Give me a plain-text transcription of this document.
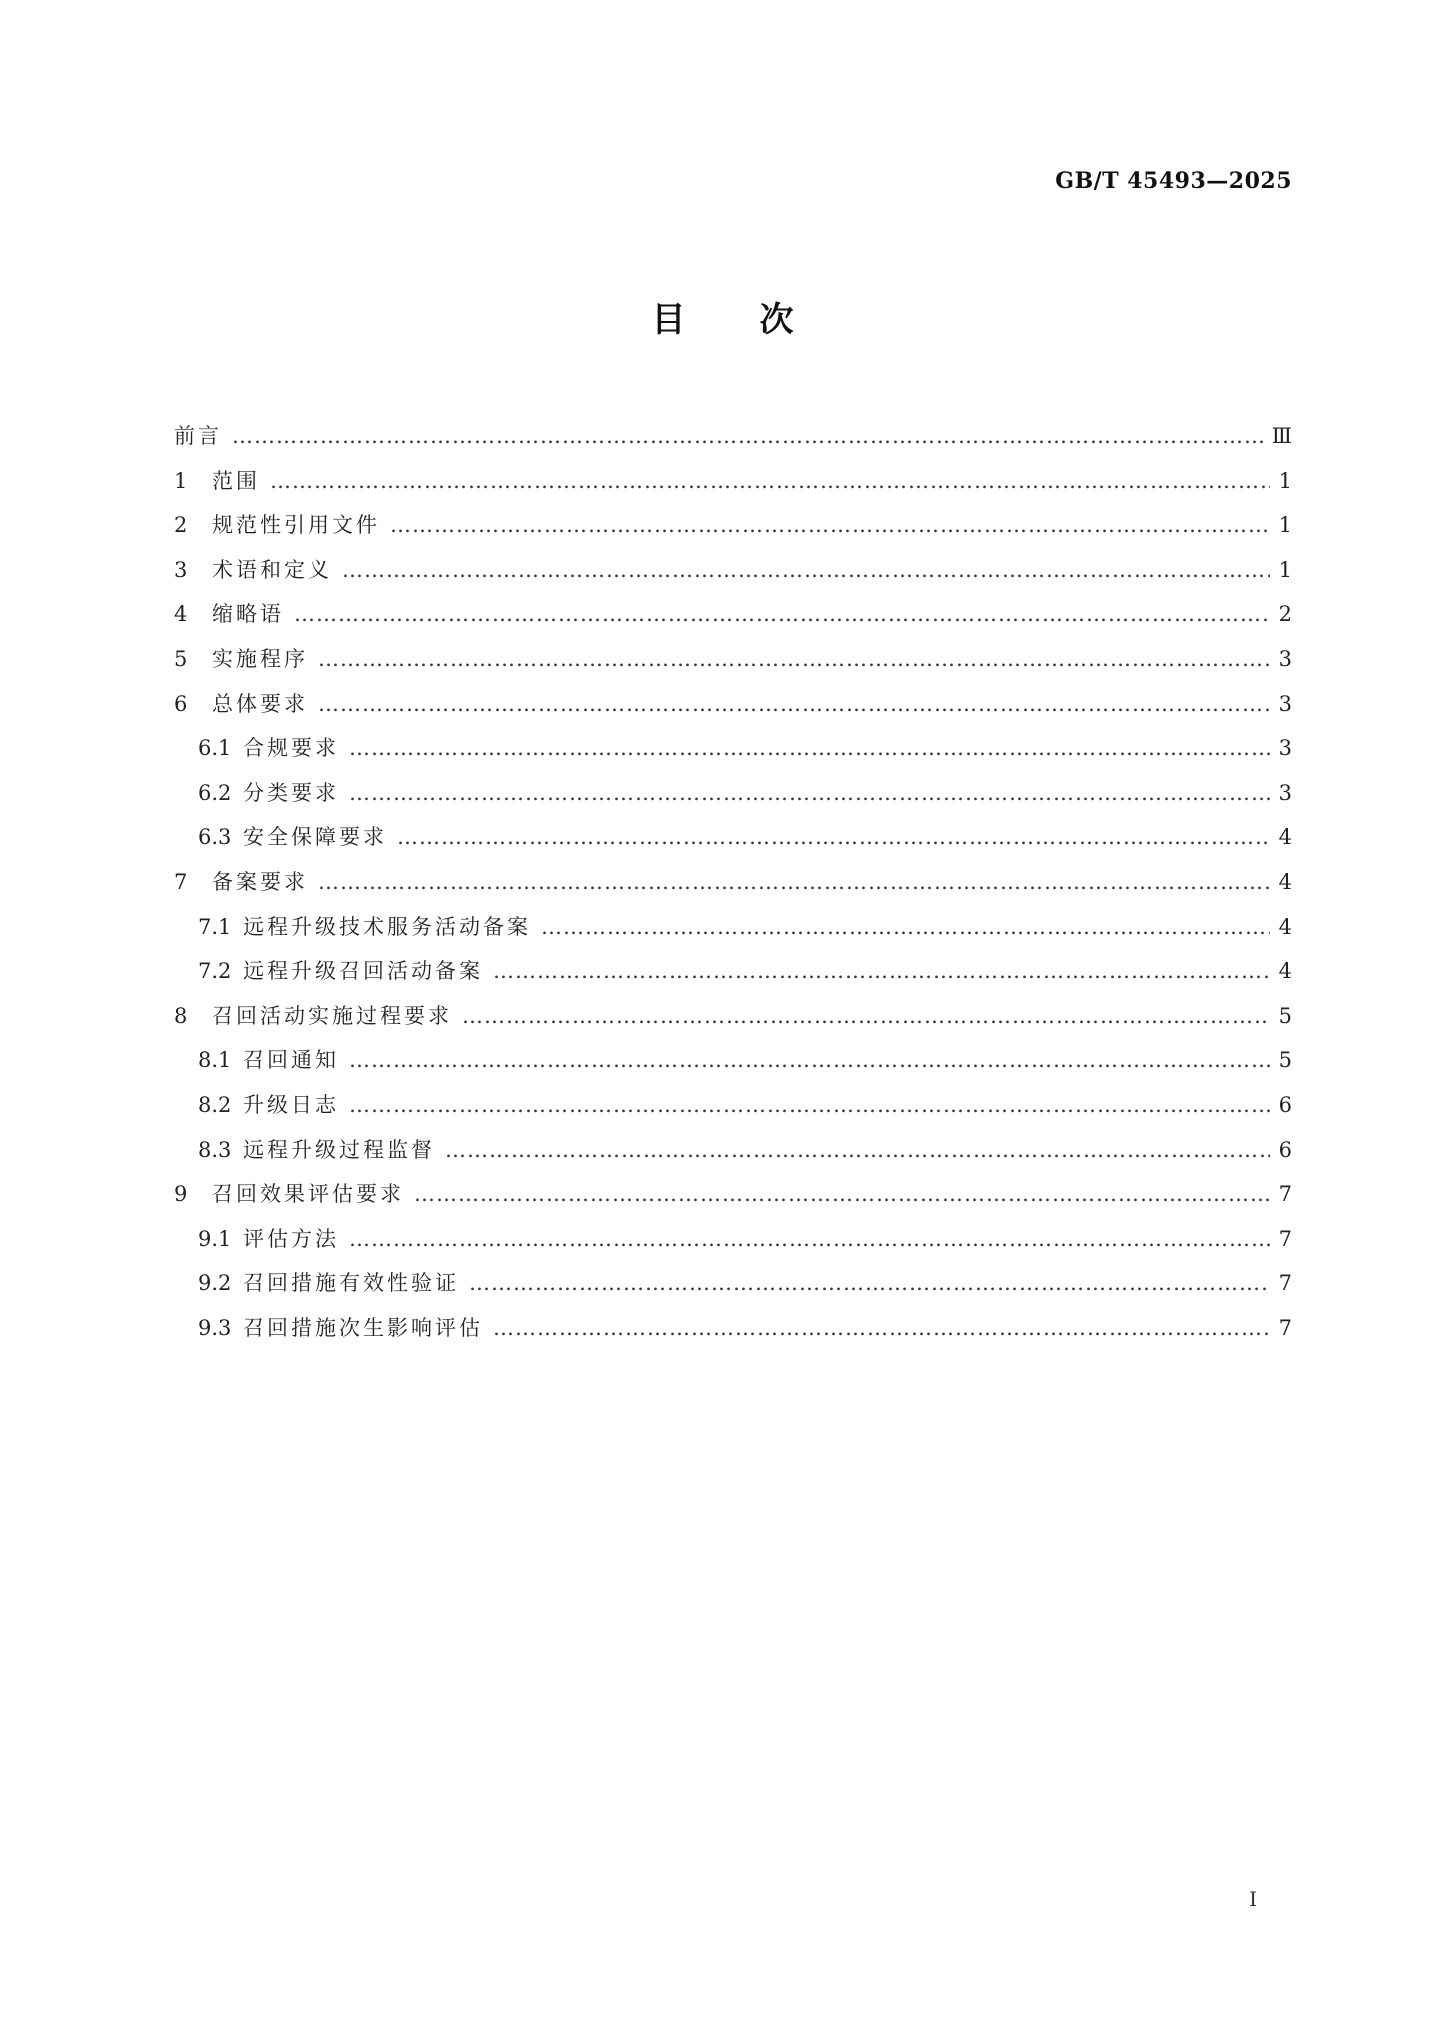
GB/T 45493—2025
目次
前言 …………………………………………………………………………………………………………………………………………………………………………………………………………	Ⅲ
1	范围 …………………………………………………………………………………………………………………………………………………………………………………………………………	1
2	规范性引用文件 …………………………………………………………………………………………………………………………………………………………………………………………………………	1
3	术语和定义 …………………………………………………………………………………………………………………………………………………………………………………………………………	1
4	缩略语 …………………………………………………………………………………………………………………………………………………………………………………………………………	2
5	实施程序 …………………………………………………………………………………………………………………………………………………………………………………………………………	3
6	总体要求 …………………………………………………………………………………………………………………………………………………………………………………………………………	3
6.1 合规要求 …………………………………………………………………………………………………………………………………………………………………………………………………………	3
6.2 分类要求 …………………………………………………………………………………………………………………………………………………………………………………………………………	3
6.3 安全保障要求 …………………………………………………………………………………………………………………………………………………………………………………………………………	4
7	备案要求 …………………………………………………………………………………………………………………………………………………………………………………………………………	4
7.1 远程升级技术服务活动备案 …………………………………………………………………………………………………………………………………………………………………………………………………………	4
7.2 远程升级召回活动备案 …………………………………………………………………………………………………………………………………………………………………………………………………………	4
8	召回活动实施过程要求 …………………………………………………………………………………………………………………………………………………………………………………………………………	5
8.1 召回通知 …………………………………………………………………………………………………………………………………………………………………………………………………………	5
8.2 升级日志 …………………………………………………………………………………………………………………………………………………………………………………………………………	6
8.3 远程升级过程监督 …………………………………………………………………………………………………………………………………………………………………………………………………………	6
9	召回效果评估要求 …………………………………………………………………………………………………………………………………………………………………………………………………………	7
9.1 评估方法 …………………………………………………………………………………………………………………………………………………………………………………………………………	7
9.2 召回措施有效性验证 …………………………………………………………………………………………………………………………………………………………………………………………………………	7
9.3 召回措施次生影响评估 …………………………………………………………………………………………………………………………………………………………………………………………………………	7
I
